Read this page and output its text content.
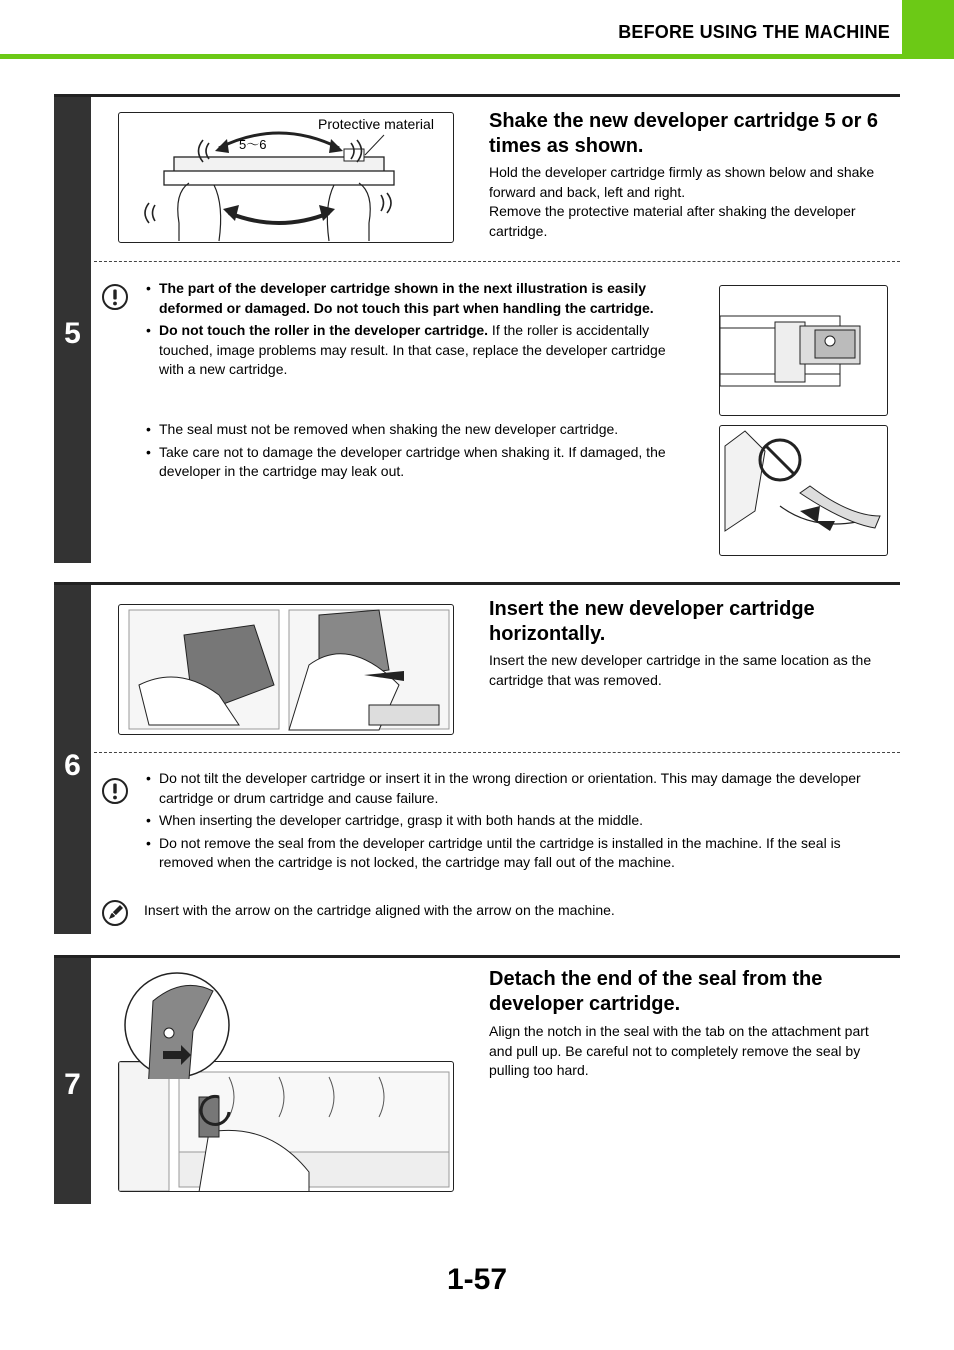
BEFORE USING THE MACHINE
5
Protective material
5～6
Shake the new developer cartridge 5 or 6 times as shown.
Hold the developer cartridge firmly as shown below and shake forward and back, left and right.
Remove the protective material after shaking the developer cartridge.
• The part of the developer cartridge shown in the next illustration is easily deformed or damaged. Do not touch this part when handling the cartridge.
• Do not touch the roller in the developer cartridge. If the roller is accidentally touched, image problems may result. In that case, replace the developer cartridge with a new cartridge.
• The seal must not be removed when shaking the new developer cartridge.
• Take care not to damage the developer cartridge when shaking it. If damaged, the developer in the cartridge may leak out.
6
Insert the new developer cartridge horizontally.
Insert the new developer cartridge in the same location as the cartridge that was removed.
• Do not tilt the developer cartridge or insert it in the wrong direction or orientation. This may damage the developer cartridge or drum cartridge and cause failure.
• When inserting the developer cartridge, grasp it with both hands at the middle.
• Do not remove the seal from the developer cartridge until the cartridge is installed in the machine. If the seal is removed when the cartridge is not locked, the cartridge may fall out of the machine.
Insert with the arrow on the cartridge aligned with the arrow on the machine.
7
Detach the end of the seal from the developer cartridge.
Align the notch in the seal with the tab on the attachment part and pull up. Be careful not to completely remove the seal by pulling too hard.
1-57
